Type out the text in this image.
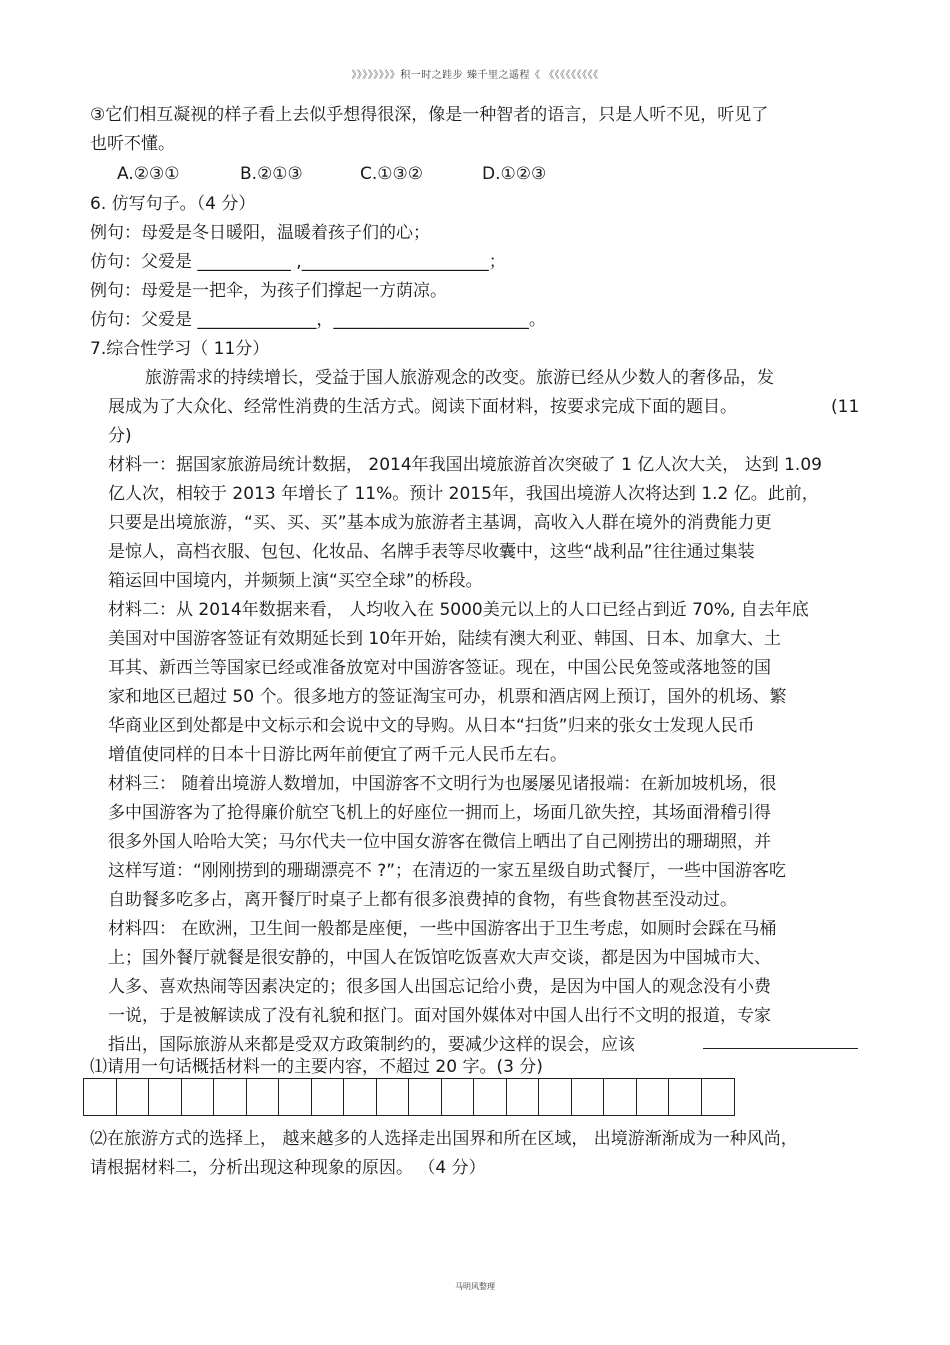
》》》》》》》》积一时之跬步 臻千里之遥程《 《《《《《《《《《
③它们相互凝视的样子看上去似乎想得很深，像是一种智者的语言，只是人听不见，听见了
也听不懂。
A.②③①	B.②①③	C.①③②	D.①②③
6. 仿写句子。（4 分）
例句：母爱是冬日暖阳，温暖着孩子们的心；
仿句：父爱是 ___________ ,______________________；
例句：母爱是一把伞，为孩子们撑起一方荫凉。
仿句：父爱是 ______________，_______________________。
7.综合性学习（ 11分）
旅游需求的持续增长，受益于国人旅游观念的改变。旅游已经从少数人的奢侈品，发
展成为了大众化、经常性消费的生活方式。阅读下面材料，按要求完成下面的题目。	(11
分)
材料一：据国家旅游局统计数据， 2014年我国出境旅游首次突破了 1 亿人次大关， 达到 1.09
亿人次，相较于 2013 年增长了 11%。预计 2015年，我国出境游人次将达到 1.2 亿。此前，
只要是出境旅游，“买、买、买”基本成为旅游者主基调，高收入人群在境外的消费能力更
是惊人，高档衣服、包包、化妆品、名牌手表等尽收囊中，这些“战利品”往往通过集装
箱运回中国境内，并频频上演“买空全球”的桥段。
材料二：从 2014年数据来看， 人均收入在 5000美元以上的人口已经占到近 70%, 自去年底
美国对中国游客签证有效期延长到 10年开始，陆续有澳大利亚、韩国、日本、加拿大、土
耳其、新西兰等国家已经或准备放宽对中国游客签证。现在，中国公民免签或落地签的国
家和地区已超过 50 个。很多地方的签证淘宝可办，机票和酒店网上预订，国外的机场、繁
华商业区到处都是中文标示和会说中文的导购。从日本“扫货”归来的张女士发现人民币
增值使同样的日本十日游比两年前便宜了两千元人民币左右。
材料三： 随着出境游人数增加，中国游客不文明行为也屡屡见诸报端：在新加坡机场，很
多中国游客为了抢得廉价航空飞机上的好座位一拥而上，场面几欲失控，其场面滑稽引得
很多外国人哈哈大笑；马尔代夫一位中国女游客在微信上晒出了自己刚捞出的珊瑚照，并
这样写道：“刚刚捞到的珊瑚漂亮不 ?”；在清迈的一家五星级自助式餐厅，一些中国游客吃
自助餐多吃多占，离开餐厅时桌子上都有很多浪费掉的食物，有些食物甚至没动过。
材料四： 在欧洲，卫生间一般都是座便，一些中国游客出于卫生考虑，如厕时会踩在马桶
上；国外餐厅就餐是很安静的，中国人在饭馆吃饭喜欢大声交谈，都是因为中国城市大、
人多、喜欢热闹等因素决定的；很多国人出国忘记给小费，是因为中国人的观念没有小费
一说，于是被解读成了没有礼貌和抠门。面对国外媒体对中国人出行不文明的报道，专家
指出，国际旅游从来都是受双方政策制约的，要减少这样的误会，应该
⑴请用一句话概括材料一的主要内容，不超过 20 字。(3 分)
⑵在旅游方式的选择上， 越来越多的人选择走出国界和所在区域， 出境游渐渐成为一种风尚，
请根据材料二，分析出现这种现象的原因。 （4 分）
马明风整理
